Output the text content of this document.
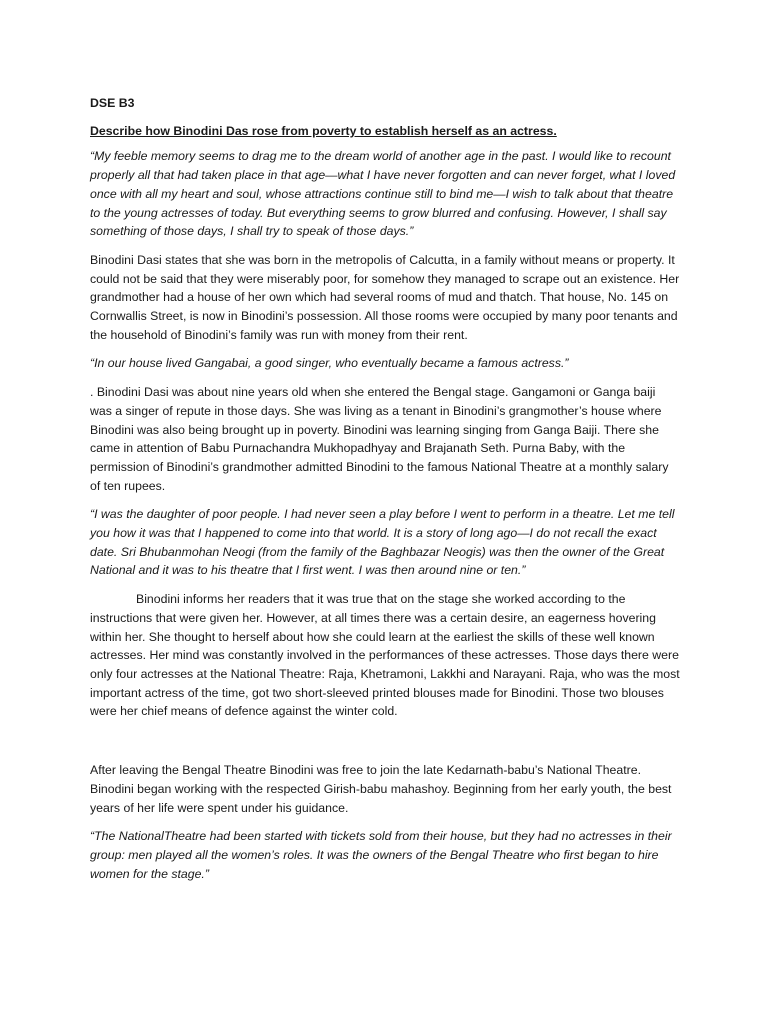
DSE B3

Describe how Binodini Das rose from poverty to establish herself as an actress.

“My feeble memory seems to drag me to the dream world of another age in the past. I would like to recount properly all that had taken place in that age—what I have never forgotten and can never forget, what I loved once with all my heart and soul, whose attractions continue still to bind me—I wish to talk about that theatre to the young actresses of today. But everything seems to grow blurred and confusing. However, I shall say something of those days, I shall try to speak of those days.”

Binodini Dasi states that she was born in the metropolis of Calcutta, in a family without means or property. It could not be said that they were miserably poor, for somehow they managed to scrape out an existence. Her grandmother had a house of her own which had several rooms of mud and thatch. That house, No. 145 on Cornwallis Street, is now in Binodini’s possession. All those rooms were occupied by many poor tenants and the household of Binodini’s family was run with money from their rent.

“In our house lived Gangabai, a good singer, who eventually became a famous actress.”

. Binodini Dasi was about nine years old when she entered the Bengal stage. Gangamoni or Ganga baiji was a singer of repute in those days. She was living as a tenant in Binodini’s grangmother’s house where Binodini was also being brought up in poverty. Binodini was learning singing from Ganga Baiji. There she came in attention of Babu Purnachandra Mukhopadhyay and Brajanath Seth. Purna Baby, with the permission of Binodini’s grandmother admitted Binodini to the famous National Theatre at a monthly salary of ten rupees.

“I was the daughter of poor people. I had never seen a play before I went to perform in a theatre. Let me tell you how it was that I happened to come into that world. It is a story of long ago—I do not recall the exact date. Sri Bhubanmohan Neogi (from the family of the Baghbazar Neogis) was then the owner of the Great National and it was to his theatre that I first went. I was then around nine or ten.”

Binodini informs her readers that it was true that on the stage she worked according to the instructions that were given her. However, at all times there was a certain desire, an eagerness hovering within her. She thought to herself about how she could learn at the earliest the skills of these well known actresses. Her mind was constantly involved in the performances of these actresses. Those days there were only four actresses at the National Theatre: Raja, Khetramoni, Lakkhi and Narayani. Raja, who was the most important actress of the time, got two short-sleeved printed blouses made for Binodini. Those two blouses were her chief means of defence against the winter cold.

After leaving the Bengal Theatre Binodini was free to join the late Kedarnath-babu’s National Theatre. Binodini began working with the respected Girish-babu mahashoy. Beginning from her early youth, the best years of her life were spent under his guidance.

“The NationalTheatre had been started with tickets sold from their house, but they had no actresses in their group: men played all the women’s roles. It was the owners of the Bengal Theatre who first began to hire women for the stage.”
